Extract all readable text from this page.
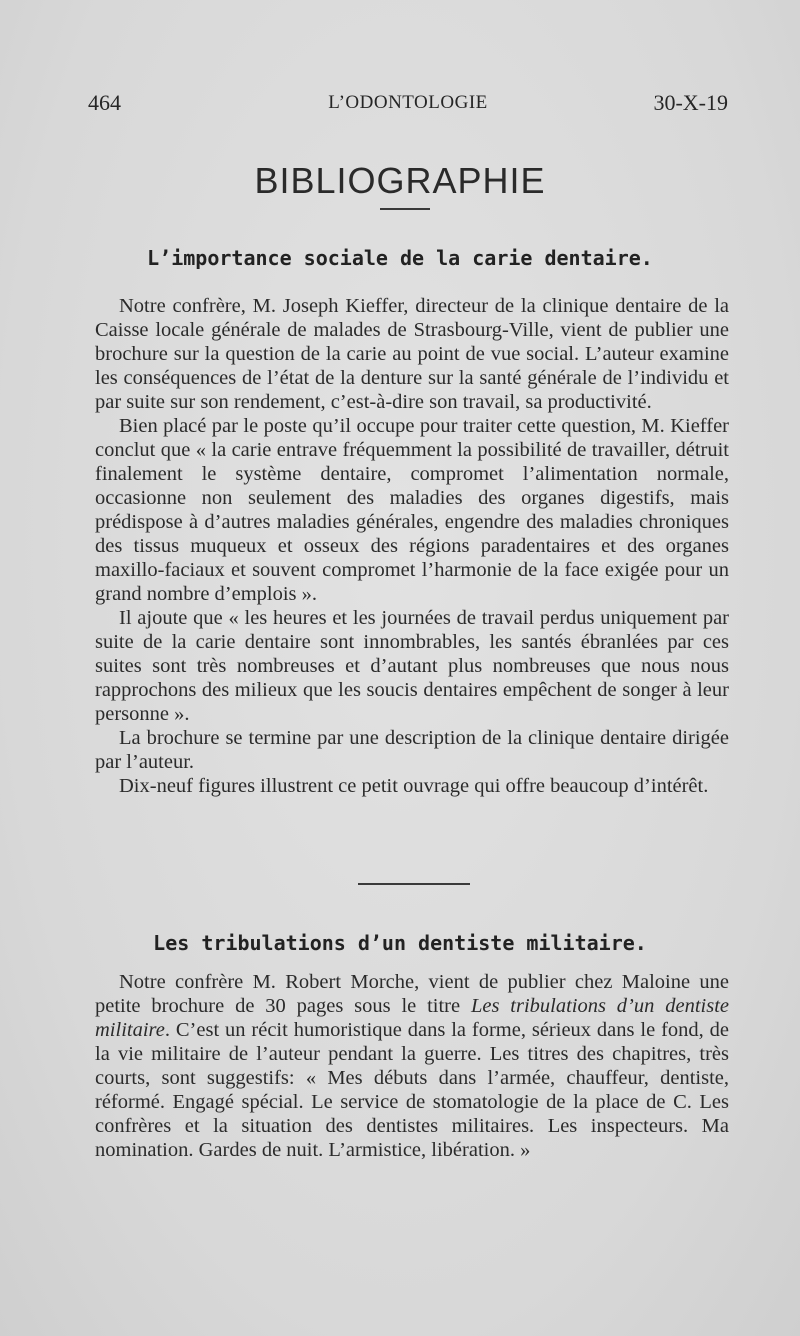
464	L’ODONTOLOGIE	30-X-19
BIBLIOGRAPHIE
L’importance sociale de la carie dentaire.

Notre confrère, M. Joseph Kieffer, directeur de la clinique dentaire de la Caisse locale générale de malades de Strasbourg-Ville, vient de publier une brochure sur la question de la carie au point de vue social. L’auteur examine les conséquences de l’état de la denture sur la santé générale de l’individu et par suite sur son rendement, c’est-à-dire son travail, sa productivité.

Bien placé par le poste qu’il occupe pour traiter cette question, M. Kieffer conclut que « la carie entrave fréquemment la possibilité de travailler, détruit finalement le système dentaire, compromet l’alimentation normale, occasionne non seulement des maladies des organes digestifs, mais prédispose à d’autres maladies générales, engendre des maladies chroniques des tissus muqueux et osseux des régions paradentaires et des organes maxillo-faciaux et souvent compromet l’harmonie de la face exigée pour un grand nombre d’emplois ».

Il ajoute que « les heures et les journées de travail perdus uniquement par suite de la carie dentaire sont innombrables, les santés ébranlées par ces suites sont très nombreuses et d’autant plus nombreuses que nous nous rapprochons des milieux que les soucis dentaires empêchent de songer à leur personne ».

La brochure se termine par une description de la clinique dentaire dirigée par l’auteur.

Dix-neuf figures illustrent ce petit ouvrage qui offre beaucoup d’intérêt.

Les tribulations d’un dentiste militaire.

Notre confrère M. Robert Morche, vient de publier chez Maloine une petite brochure de 30 pages sous le titre Les tribulations d’un dentiste militaire. C’est un récit humoristique dans la forme, sérieux dans le fond, de la vie militaire de l’auteur pendant la guerre. Les titres des chapitres, très courts, sont suggestifs: « Mes débuts dans l’armée, chauffeur, dentiste, réformé. Engagé spécial. Le service de stomatologie de la place de C. Les confrères et la situation des dentistes militaires. Les inspecteurs. Ma nomination. Gardes de nuit. L’armistice, libération. »
